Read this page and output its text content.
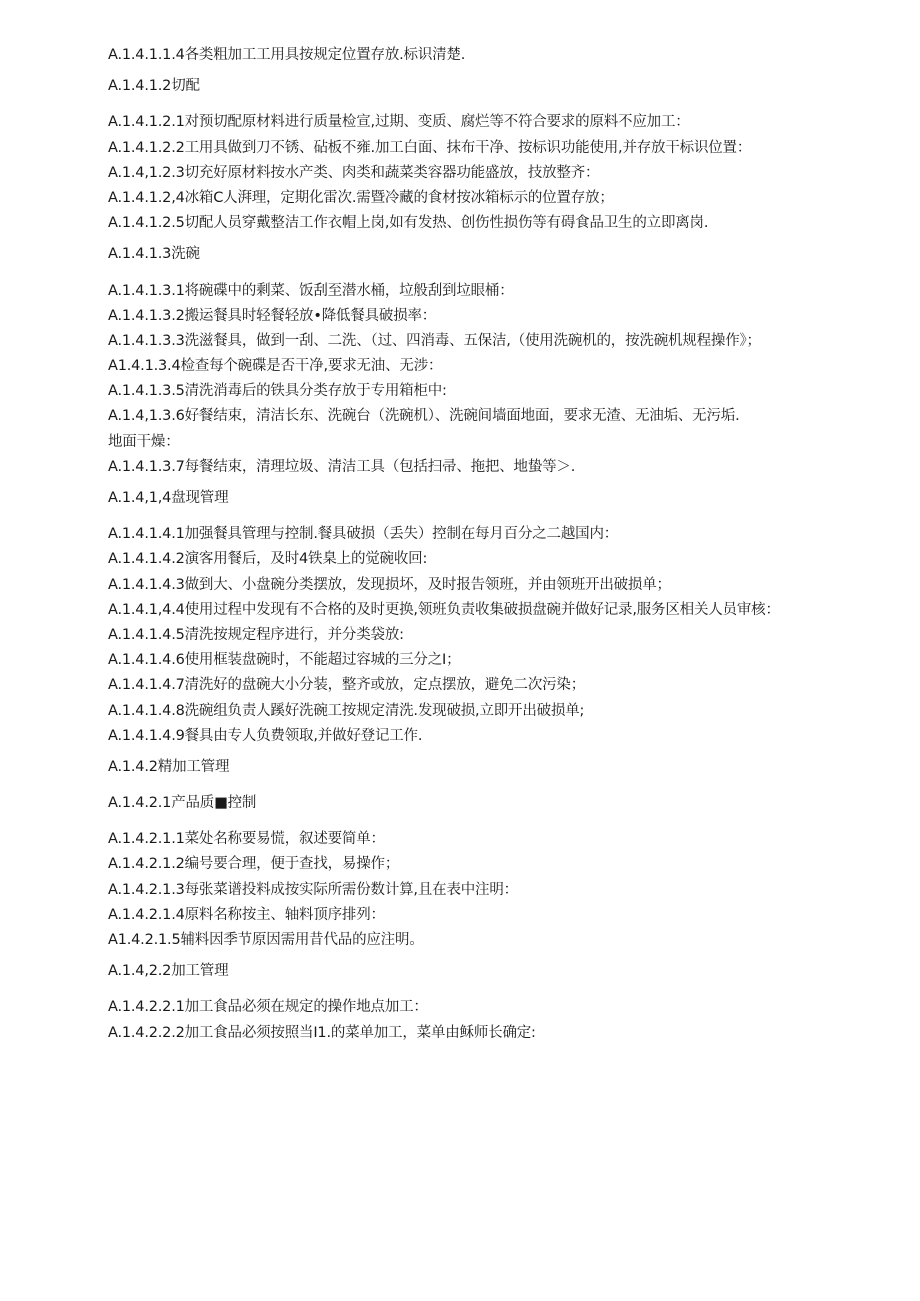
A.1.4.1.1.4各类粗加工工用具按规定位置存放.标识清楚.
A.1.4.1.2切配
A.1.4.1.2.1对预切配原材料进行质量检宣,过期、变质、腐烂等不符合要求的原料不应加工：
A.1.4.1.2.2工用具做到刀不锈、砧板不雍.加工白面、抹布干净、按标识功能使用,并存放干标识位置：
A.1.4,1.2.3切充好原材料按水产类、肉类和蔬菜类容器功能盛放，技放整齐：
A.1.4.1.2,4冰箱C人湃理，定期化雷次.需暨冷藏的食材按冰箱标示的位置存放；
A.1.4.1.2.5切配人员穿戴整洁工作衣帽上岗,如有发热、创伤性损伤等有碍食品卫生的立即离岗.
A.1.4.1.3洗碗
A.1.4.1.3.1将碗碟中的剩菜、饭刮至潜水桶，垃般刮到垃眼桶：
A.1.4.1.3.2搬运餐具时轻餐轻放•降低餐具破损率：
A.1.4.1.3.3洗滋餐具，做到一刮、二洗、（过、四消毒、五保洁,（使用洗碗机的，按洗碗机规程操作》；
A1.4.1.3.4检查每个碗碟是否干净,要求无油、无涉：
A.1.4.1.3.5清洗消毒后的铁具分类存放于专用箱柜中:
A.1.4,1.3.6好餐结束，清洁长东、洗碗台（洗碗机）、洗碗间墙面地面，要求无渣、无油垢、无污垢.
地面干燥：
A.1.4.1.3.7每餐结束，清理垃圾、清洁工具（包括扫帚、拖把、地蛰等＞.
A.1.4,1,4盘现管理
A.1.4.1.4.1加强餐具管理与控制.餐具破损（丢失）控制在每月百分之二越国内：
A.1.4.1.4.2演客用餐后，及时4铁臬上的觉碗收回:
A.1.4.1.4.3做到大、小盘碗分类摆放，发现损坏，及时报告领班，并由领班开出破损单；
A.1.4.1,4.4使用过程中发现有不合格的及时更换,领班负责收集破损盘碗并做好记录,服务区相关人员审核：
A.1.4.1.4.5清洗按规定程序进行，并分类袋放:
A.1.4.1.4.6使用框装盘碗时，不能超过容城的三分之I；
A.1.4.1.4.7清洗好的盘碗大小分装，整齐或放，定点摆放，避免二次污染；
A.1.4.1.4.8洗碗组负责人蹊好洗碗工按规定清洗.发现破损,立即开出破损单;
A.1.4.1.4.9餐具由专人负费领取,并做好登记工作.
A.1.4.2精加工管理
A.1.4.2.1产品质■控制
A.1.4.2.1.1菜处名称要易慌，叙述要简单：
A.1.4.2.1.2编号要合理，便于查找，易操作；
A.1.4.2.1.3每张菜谱投料成按实际所需份数计算,且在表中注明：
A.1.4.2.1.4原料名称按主、轴料顶序排列：
A1.4.2.1.5辅料因季节原因需用昔代品的应注明。
A.1.4,2.2加工管理
A.1.4.2.2.1加工食品必须在规定的操作地点加工：
A.1.4.2.2.2加工食品必须按照当I1.的菜单加工，菜单由稣师长确定:
